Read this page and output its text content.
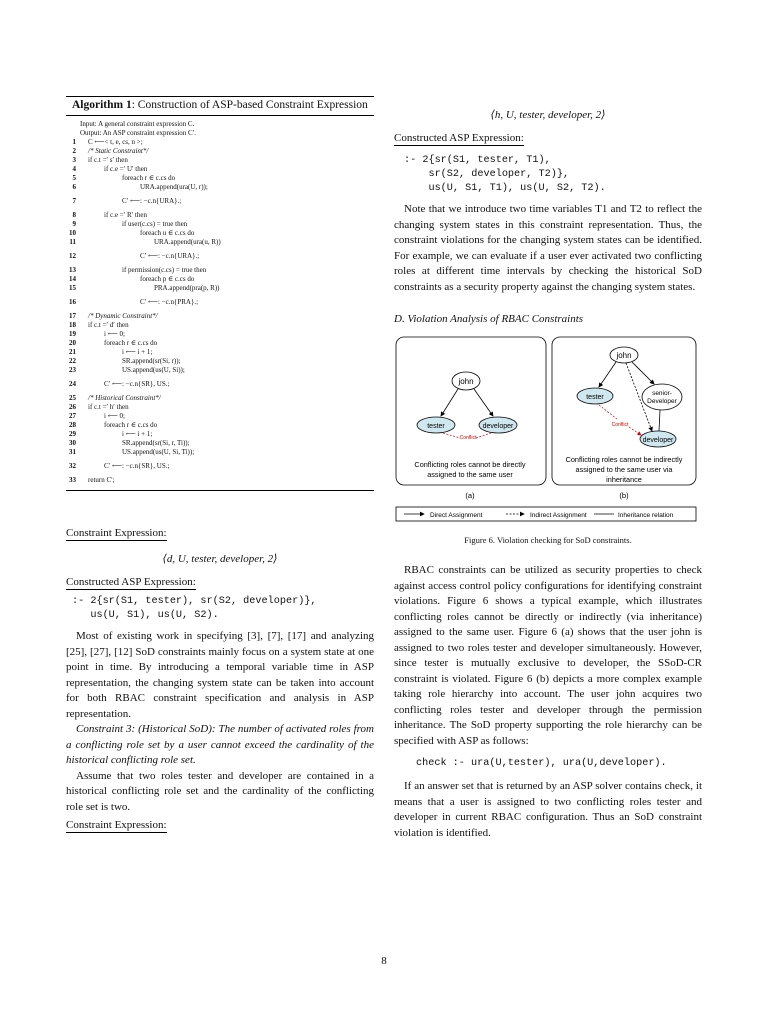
Algorithm 1: Construction of ASP-based Constraint Expression
Input: A general constraint expression C.
Output: An ASP constraint expression C′.
1 C ⟵< t, e, cs, n >;
2 /* Static Constraint*/
3 if c.t =′ s′ then
4	if c.e =′ U′ then
5	foreach r ∈ c.cs do
6	URA.append(ura(U, r));
7	C′ ⟵: −c.n{URA}.;
8	if c.e =′ R′ then
9	if user(c.cs) = true then
10	foreach u ∈ c.cs do
11	URA.append(ura(u, R))
12	C′ ⟵: −c.n{URA}.;
13	if permission(c.cs) = true then
14	foreach p ∈ c.cs do
15	PRA.append(pra(p, R))
16	C′ ⟵: −c.n{PRA}.;
17 /* Dynamic Constraint*/
18 if c.t =′ d′ then
19	i ⟵ 0;
20	foreach r ∈ c.cs do
21	i ⟵ i + 1;
22	SR.append(sr(Si, r));
23	US.append(us(U, Si));
24	C′ ⟵: −c.n{SR}, US.;
25 /* Historical Constraint*/
26 if c.t =′ h′ then
27	i ⟵ 0;
28	foreach r ∈ c.cs do
29	i ⟵ i + 1;
30	SR.append(sr(Si, r, Ti));
31	US.append(us(U, Si, Ti));
32	C′ ⟵: −c.n{SR}, US.;
33 return C′;
Constraint Expression:
⟨d, U, tester, developer, 2⟩
Constructed ASP Expression:
:- 2{sr(S1, tester), sr(S2, developer)},
us(U, S1), us(U, S2).

Most of existing work in specifying [3], [7], [17] and analyzing [25], [27], [12] SoD constraints mainly focus on a system state at one point in time. By introducing a temporal variable time in ASP representation, the changing system state can be taken into account for both RBAC constraint specification and analysis in ASP representation.

Constraint 3: (Historical SoD): The number of activated roles from a conflicting role set by a user cannot exceed the cardinality of the historical conflicting role set.

Assume that two roles tester and developer are contained in a historical conflicting role set and the cardinality of the conflicting role set is two.

Constraint Expression:
⟨h, U, tester, developer, 2⟩
Constructed ASP Expression:
:- 2{sr(S1, tester, T1),
sr(S2, developer, T2)},
us(U, S1, T1), us(U, S2, T2).

Note that we introduce two time variables T1 and T2 to reflect the changing system states in this constraint representation. Thus, the constraint violations for the changing system states can be identified. For example, we can evaluate if a user ever activated two conflicting roles at different time intervals by checking the historical SoD constraints as a security property against the changing system states.

D. Violation Analysis of RBAC Constraints
john
tester	developer
Conflict
Conflicting roles cannot be directly
assigned to the same user
(a)
john
tester
senior-
Developer
developer
Conflict
Conflicting roles cannot be indirectly
assigned to the same user via
inheritance
(b)
Direct Assignment	Indirect Assignment	Inheritance relation
Figure 6. Violation checking for SoD constraints.

RBAC constraints can be utilized as security properties to check against access control policy configurations for identifying constraint violations. Figure 6 shows a typical example, which illustrates conflicting roles cannot be directly or indirectly (via inheritance) assigned to the same user. Figure 6 (a) shows that the user john is assigned to two roles tester and developer simultaneously. However, since tester is mutually exclusive to developer, the SSoD-CR constraint is violated. Figure 6 (b) depicts a more complex example taking role hierarchy into account. The user john acquires two conflicting roles tester and developer through the permission inheritance. The SoD property supporting the role hierarchy can be specified with ASP as follows:

check :- ura(U,tester), ura(U,developer).

If an answer set that is returned by an ASP solver contains check, it means that a user is assigned to two conflicting roles tester and developer in current RBAC configuration. Thus an SoD constraint violation is identified.

8
